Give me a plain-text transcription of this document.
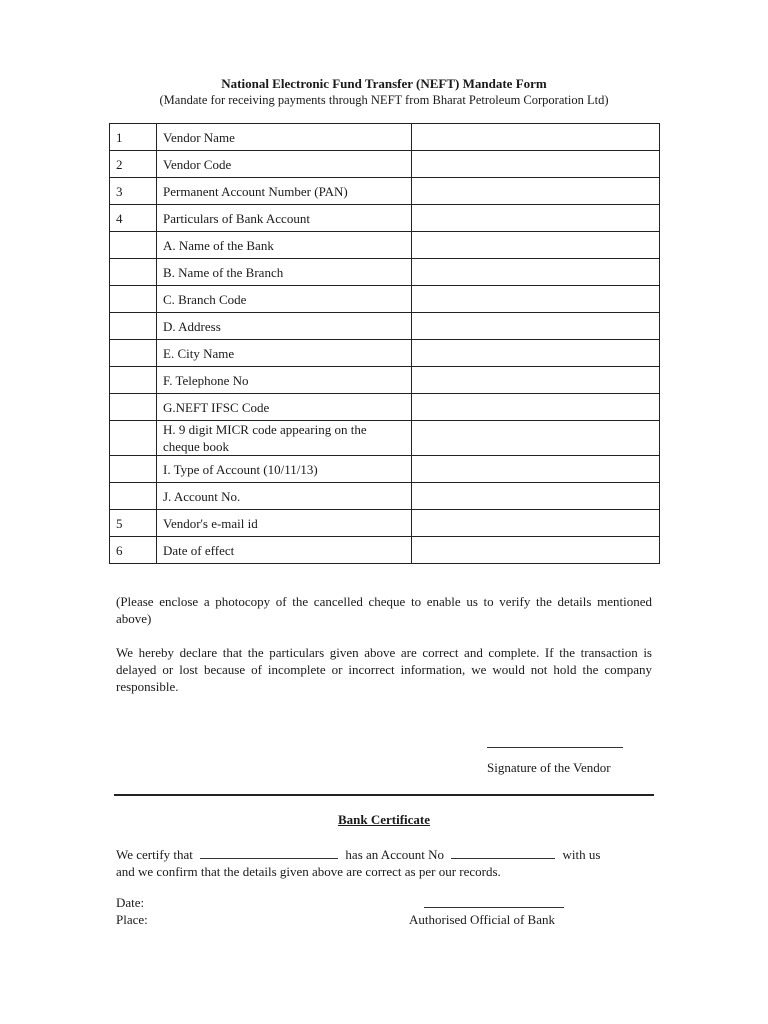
National Electronic Fund Transfer (NEFT) Mandate Form
(Mandate for receiving payments through NEFT from Bharat Petroleum Corporation Ltd)
1	Vendor Name	
2	Vendor Code	
3	Permanent Account Number (PAN)	
4	Particulars of Bank Account	
	A. Name of the Bank	
	B. Name of the Branch	
	C. Branch Code	
	D. Address	
	E. City Name	
	F. Telephone No	
	G.NEFT IFSC Code	
	H. 9 digit MICR code appearing on the cheque book	
	I. Type of Account (10/11/13)	
	J. Account No.	
5	Vendor's e-mail id	
6	Date of effect	
(Please enclose a photocopy of the cancelled cheque to enable us to verify the details mentioned above)
We hereby declare that the particulars given above are correct and complete. If the transaction is delayed or lost because of incomplete or incorrect information, we would not hold the company responsible.
Signature of the Vendor
Bank Certificate
We certify that	has an Account No	with us
and we confirm that the details given above are correct as per our records.
Date:
Place:	Authorised Official of Bank
